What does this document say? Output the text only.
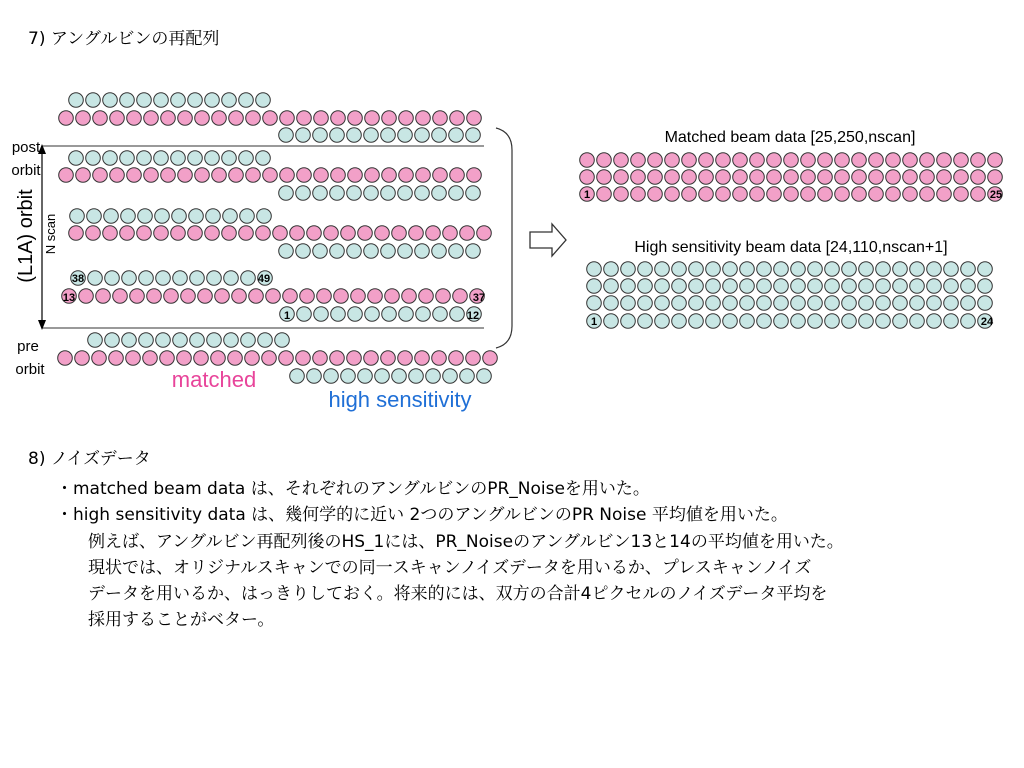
7) アングルビンの再配列
post
orbit
pre
orbit
(L1A) orbit N scan
38	49
13	37
1	12
matched
high sensitivity
Matched beam data [25,250,nscan]
High sensitivity beam data [24,110,nscan+1]
1	25
1	24
8) ノイズデータ
・matched beam data は、それぞれのアングルビンのPR_Noiseを用いた。
・high sensitivity data は、幾何学的に近い 2つのアングルビンのPR Noise 平均値を用いた。
例えば、アングルビン再配列後のHS_1には、PR_Noiseのアングルビン13と14の平均値を用いた。
現状では、オリジナルスキャンでの同一スキャンノイズデータを用いるか、プレスキャンノイズ
データを用いるか、はっきりしておく。将来的には、双方の合計4ピクセルのノイズデータ平均を
採用することがベター。
